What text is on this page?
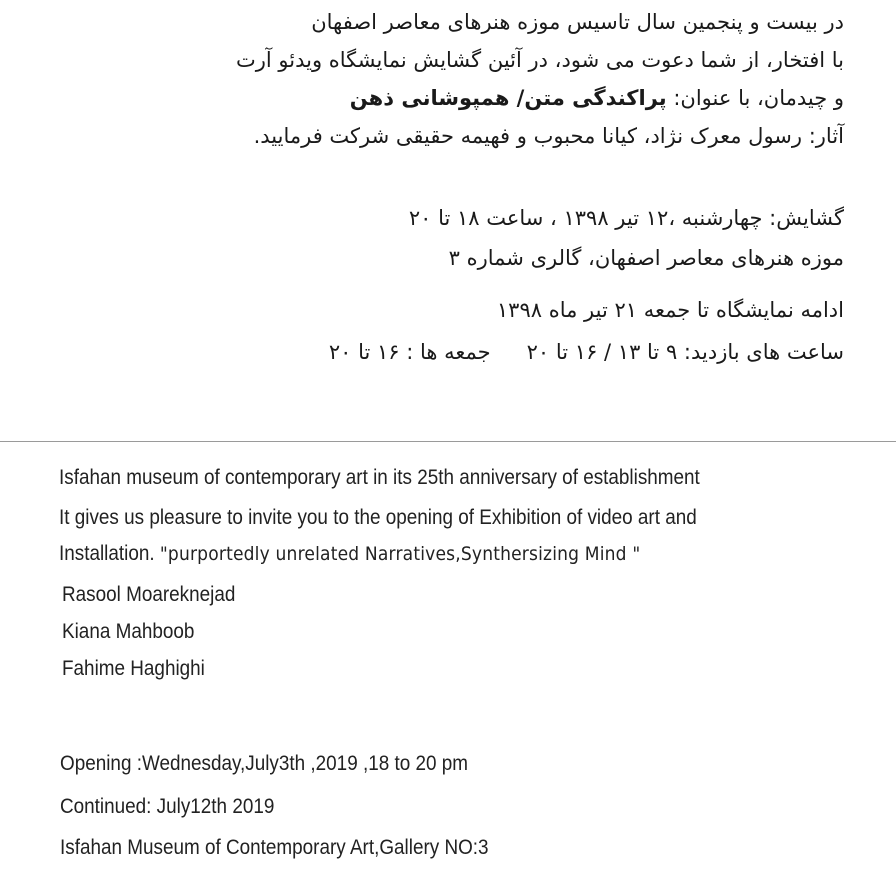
در بیست و پنجمین سال تاسیس موزه هنرهای معاصر اصفهان
با افتخار، از شما دعوت می شود، در آئین گشایش نمایشگاه ویدئو آرت
و چیدمان، با عنوان: پراکندگی متن/ همپوشانی ذهن
آثار: رسول معرک نژاد، کیانا محبوب و فهیمه حقیقی شرکت فرمایید.
گشایش: چهارشنبه ،۱۲ تیر ۱۳۹۸ ، ساعت ۱۸ تا ۲۰
موزه هنرهای معاصر اصفهان، گالری شماره ۳
ادامه نمایشگاه تا جمعه ۲۱ تیر ماه ۱۳۹۸
ساعت های بازدید: ۹ تا ۱۳ / ۱۶ تا ۲۰جمعه ها : ۱۶ تا ۲۰
Isfahan museum of contemporary art in its 25th anniversary of establishment
It gives us pleasure to invite you to the opening of Exhibition of video art and
Installation. "purportedly unrelated Narratives,Synthersizing Mind "
Rasool Moareknejad
Kiana Mahboob
Fahime Haghighi
Opening :Wednesday,July3th ,2019 ,18 to 20 pm
Continued: July12th 2019
Isfahan Museum of Contemporary Art,Gallery NO:3
